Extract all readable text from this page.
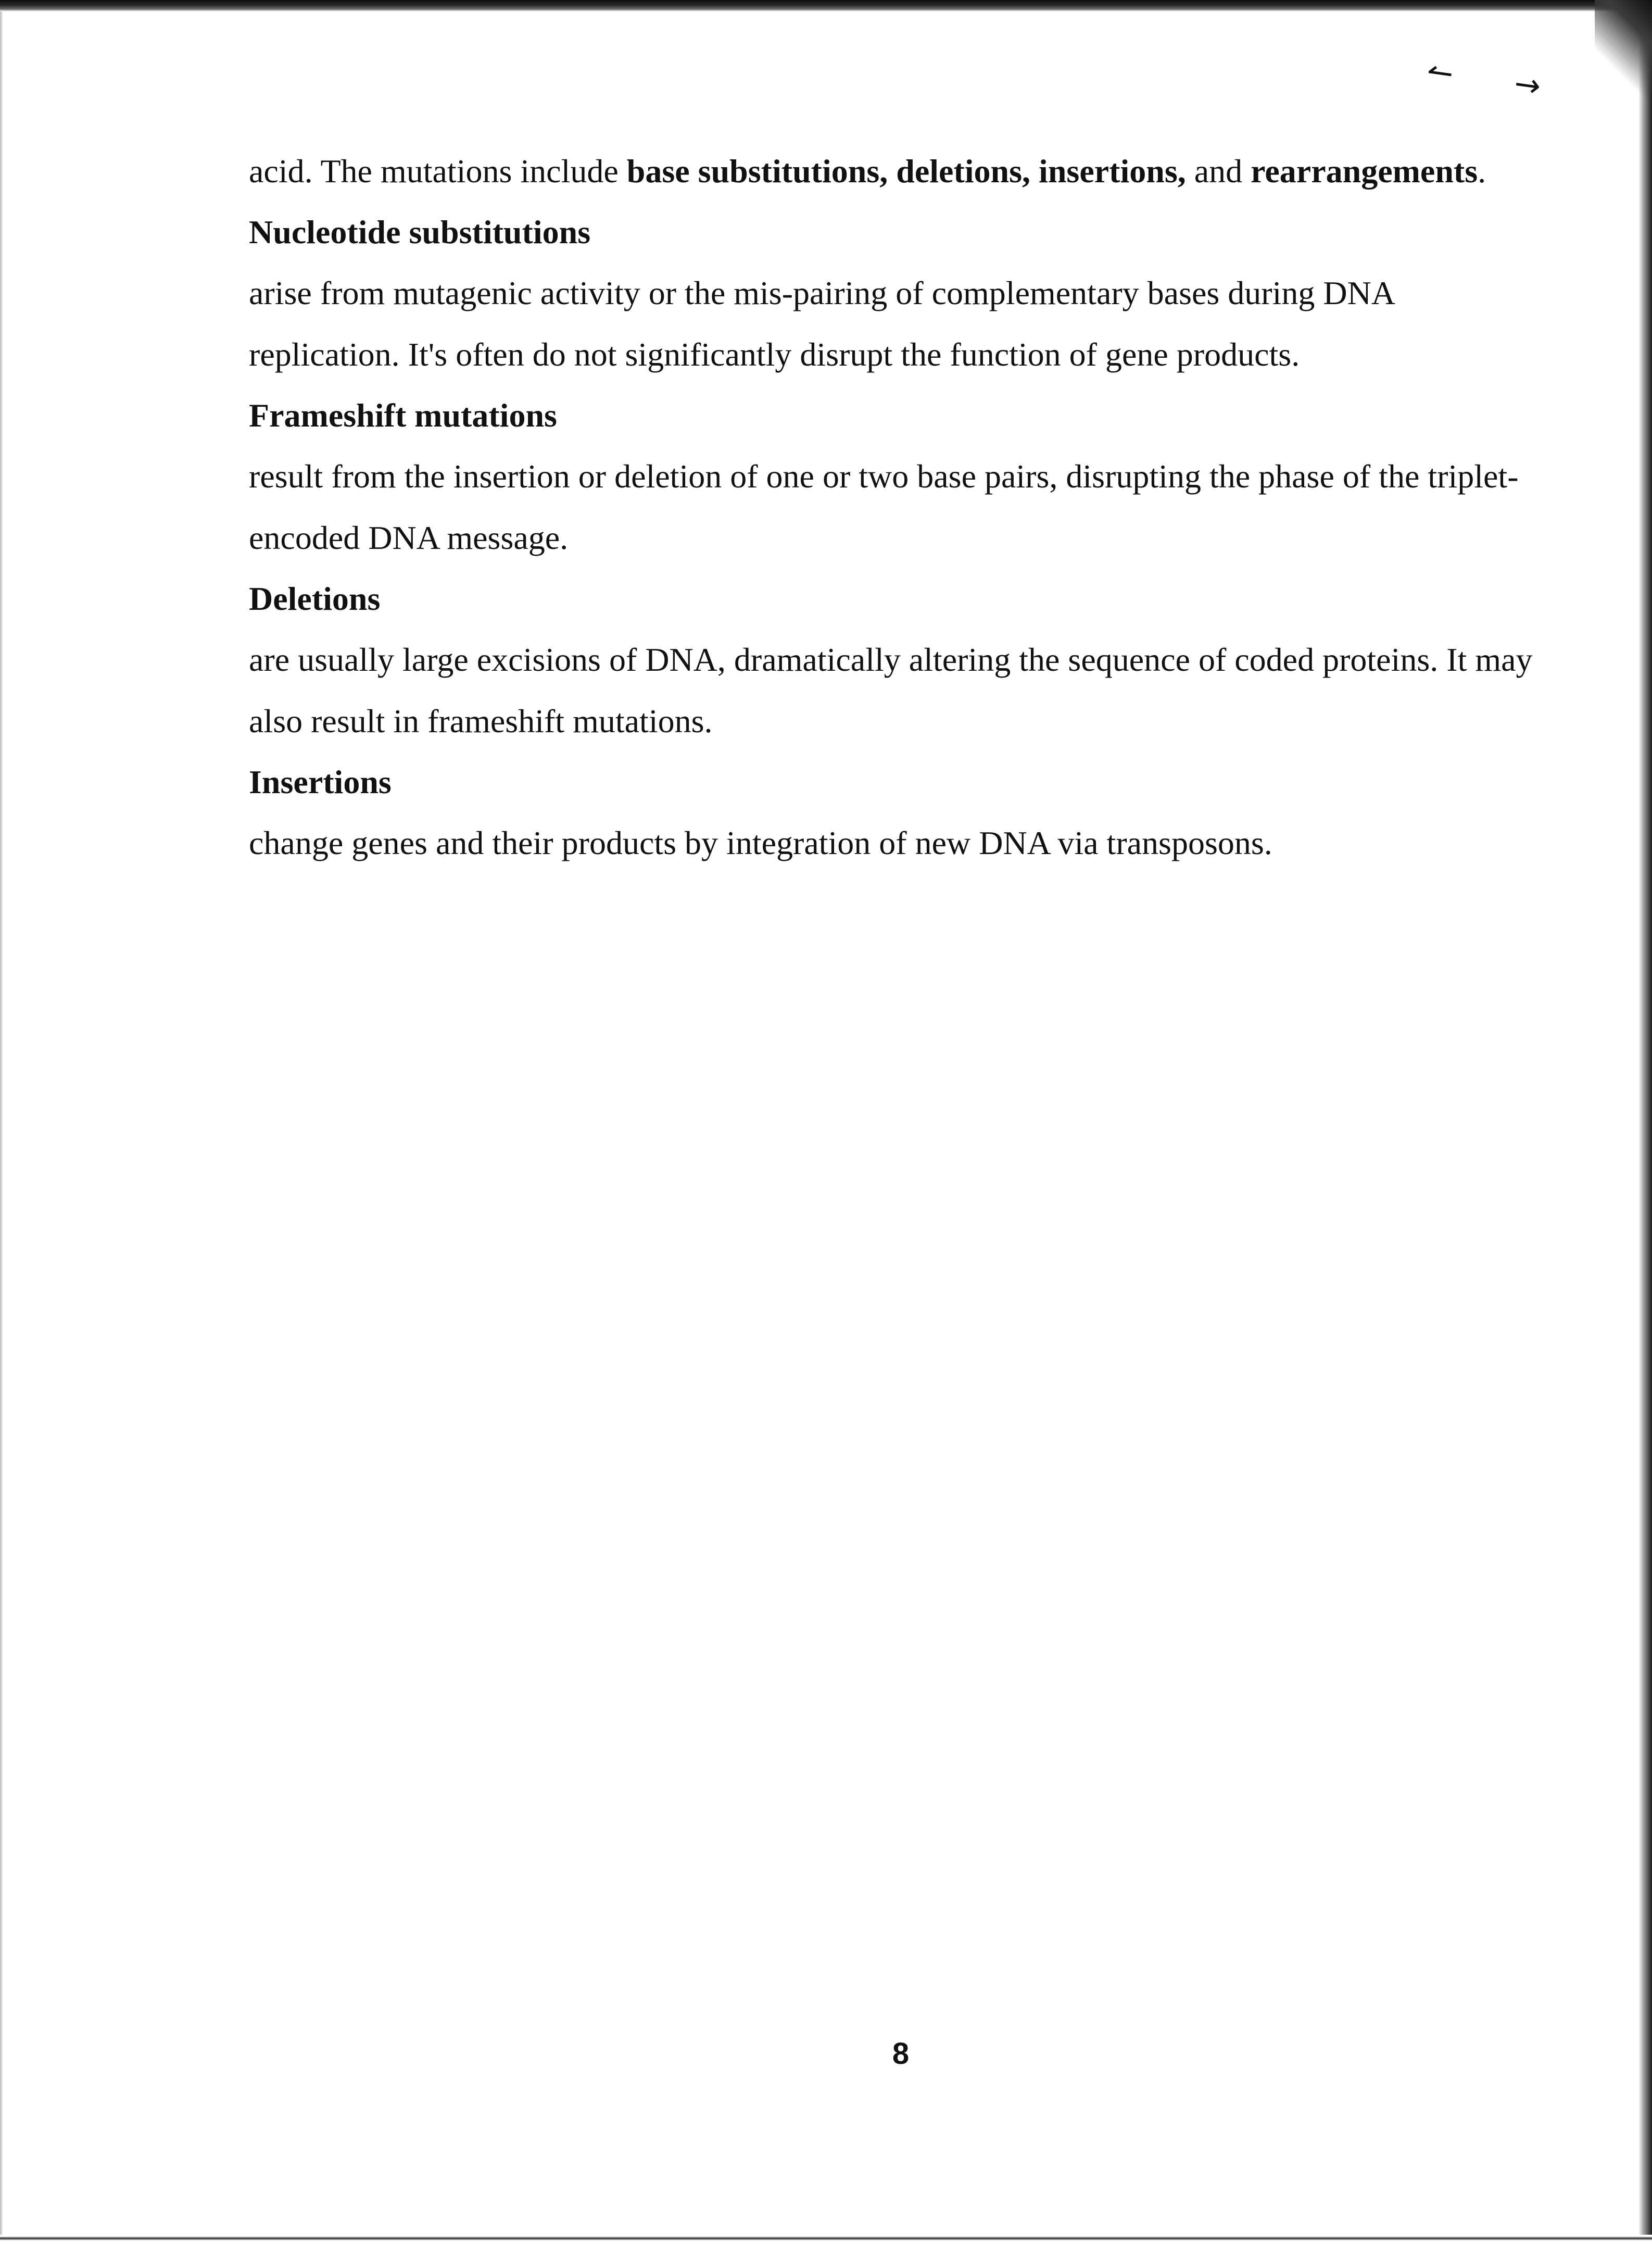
↼ →

acid. The mutations include base substitutions, deletions, insertions, and rearrangements.

Nucleotide substitutions

arise from mutagenic activity or the mis-pairing of complementary bases during DNA replication. It's often do not significantly disrupt the function of gene products.

Frameshift mutations

result from the insertion or deletion of one or two base pairs, disrupting the phase of the triplet-encoded DNA message.

Deletions

are usually large excisions of DNA, dramatically altering the sequence of coded proteins. It may also result in frameshift mutations.

Insertions

change genes and their products by integration of new DNA via transposons.

8
